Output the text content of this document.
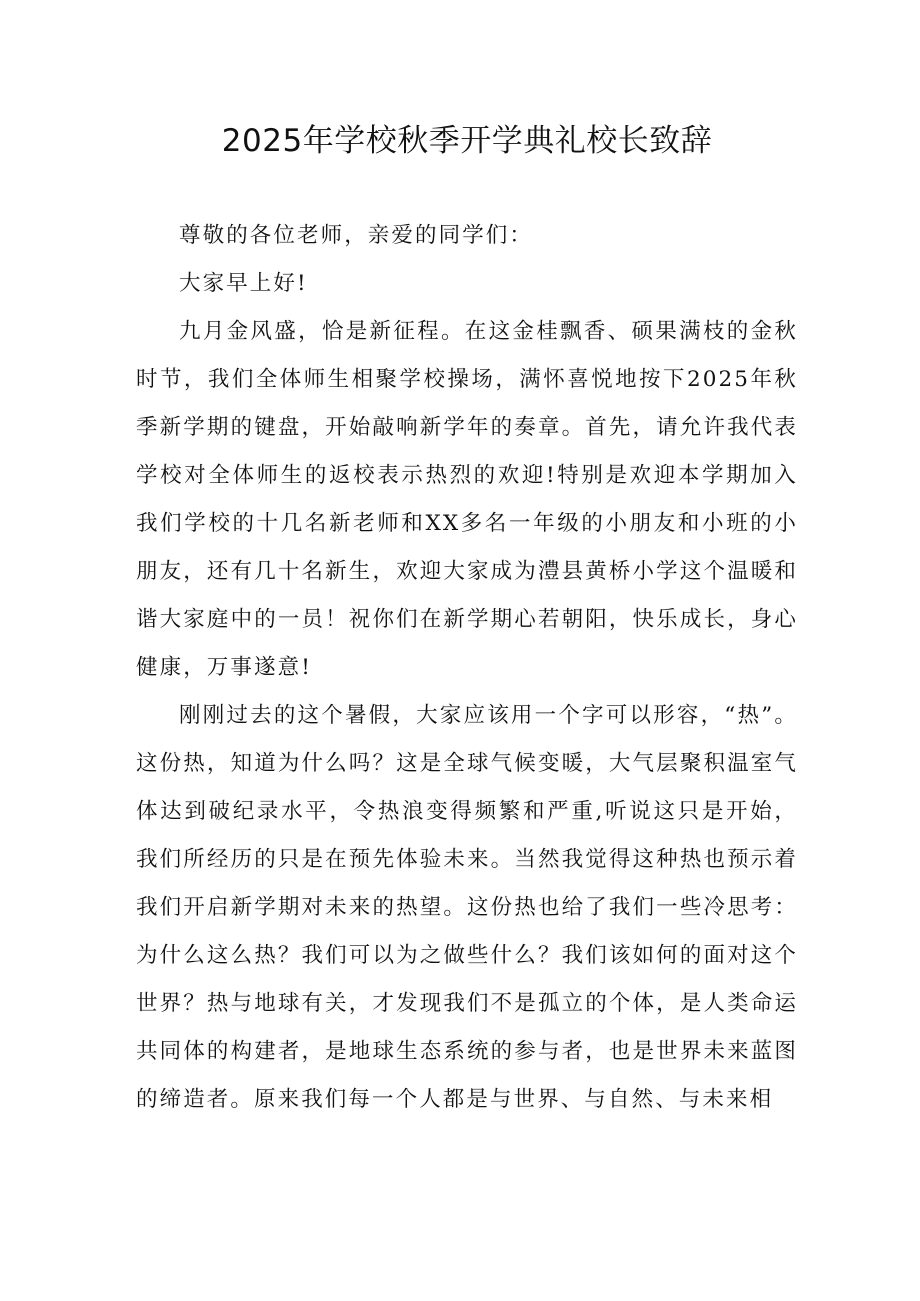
2025年学校秋季开学典礼校长致辞

尊敬的各位老师，亲爱的同学们：

大家早上好!

九月金风盛，恰是新征程。在这金桂飘香、硕果满枝的金秋时节，我们全体师生相聚学校操场，满怀喜悦地按下2025年秋季新学期的键盘，开始敲响新学年的奏章。首先，请允许我代表学校对全体师生的返校表示热烈的欢迎!特别是欢迎本学期加入我们学校的十几名新老师和XX多名一年级的小朋友和小班的小朋友，还有几十名新生，欢迎大家成为澧县黄桥小学这个温暖和谐大家庭中的一员！祝你们在新学期心若朝阳，快乐成长，身心健康，万事遂意!

刚刚过去的这个暑假，大家应该用一个字可以形容，“热”。这份热，知道为什么吗？这是全球气候变暖，大气层聚积温室气体达到破纪录水平，令热浪变得频繁和严重,听说这只是开始，我们所经历的只是在预先体验未来。当然我觉得这种热也预示着我们开启新学期对未来的热望。这份热也给了我们一些冷思考：为什么这么热？我们可以为之做些什么？我们该如何的面对这个世界？热与地球有关，才发现我们不是孤立的个体，是人类命运共同体的构建者，是地球生态系统的参与者，也是世界未来蓝图的缔造者。原来我们每一个人都是与世界、与自然、与未来相
